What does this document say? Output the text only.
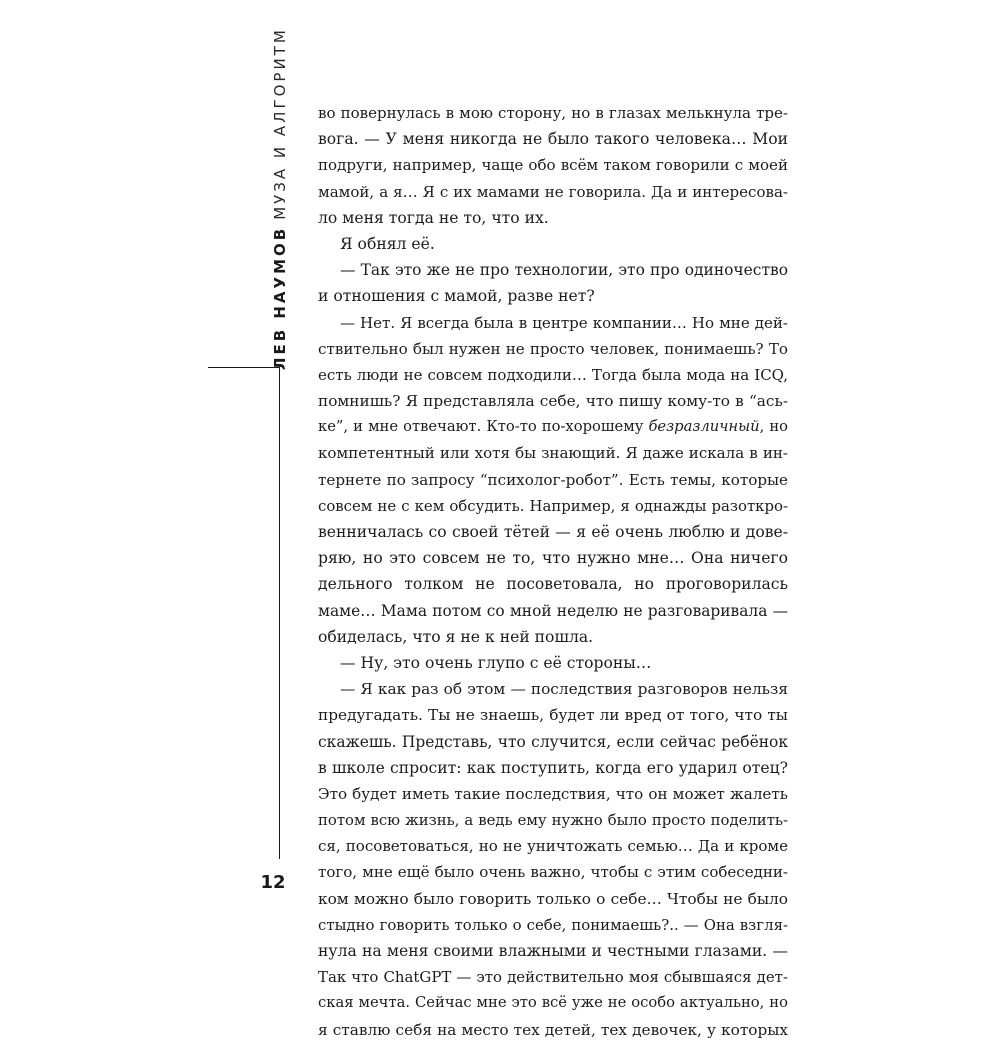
ЛЕВ НАУМОВМУЗА И АЛГОРИТМ
12
во повернулась в мою сторону, но в глазах мелькнула тре-
вога. — У меня никогда не было такого человека… Мои
подруги, например, чаще обо всём таком говорили с моей
мамой, а я… Я с их мамами не говорила. Да и интересова-
ло меня тогда не то, что их.
Я обнял её.
— Так это же не про технологии, это про одиночество
и отношения с мамой, разве нет?
— Нет. Я всегда была в центре компании… Но мне дей-
ствительно был нужен не просто человек, понимаешь? То
есть люди не совсем подходили… Тогда была мода на ICQ,
помнишь? Я представляла себе, что пишу кому-то в “ась-
ке”, и мне отвечают. Кто-то по-хорошему безразличный, но
компетентный или хотя бы знающий. Я даже искала в ин-
тернете по запросу “психолог-робот”. Есть темы, которые
совсем не с кем обсудить. Например, я однажды разоткро-
венничалась со своей тётей — я её очень люблю и дове-
ряю, но это совсем не то, что нужно мне… Она ничего
дельного толком не посоветовала, но проговорилась
маме… Мама потом со мной неделю не разговаривала —
обиделась, что я не к ней пошла.
— Ну, это очень глупо с её стороны…
— Я как раз об этом — последствия разговоров нельзя
предугадать. Ты не знаешь, будет ли вред от того, что ты
скажешь. Представь, что случится, если сейчас ребёнок
в школе спросит: как поступить, когда его ударил отец?
Это будет иметь такие последствия, что он может жалеть
потом всю жизнь, а ведь ему нужно было просто поделить-
ся, посоветоваться, но не уничтожать семью… Да и кроме
того, мне ещё было очень важно, чтобы с этим собеседни-
ком можно было говорить только о себе… Чтобы не было
стыдно говорить только о себе, понимаешь?.. — Она взгля-
нула на меня своими влажными и честными глазами. —
Так что ChatGPT — это действительно моя сбывшаяся дет-
ская мечта. Сейчас мне это всё уже не особо актуально, но
я ставлю себя на место тех детей, тех девочек, у которых
